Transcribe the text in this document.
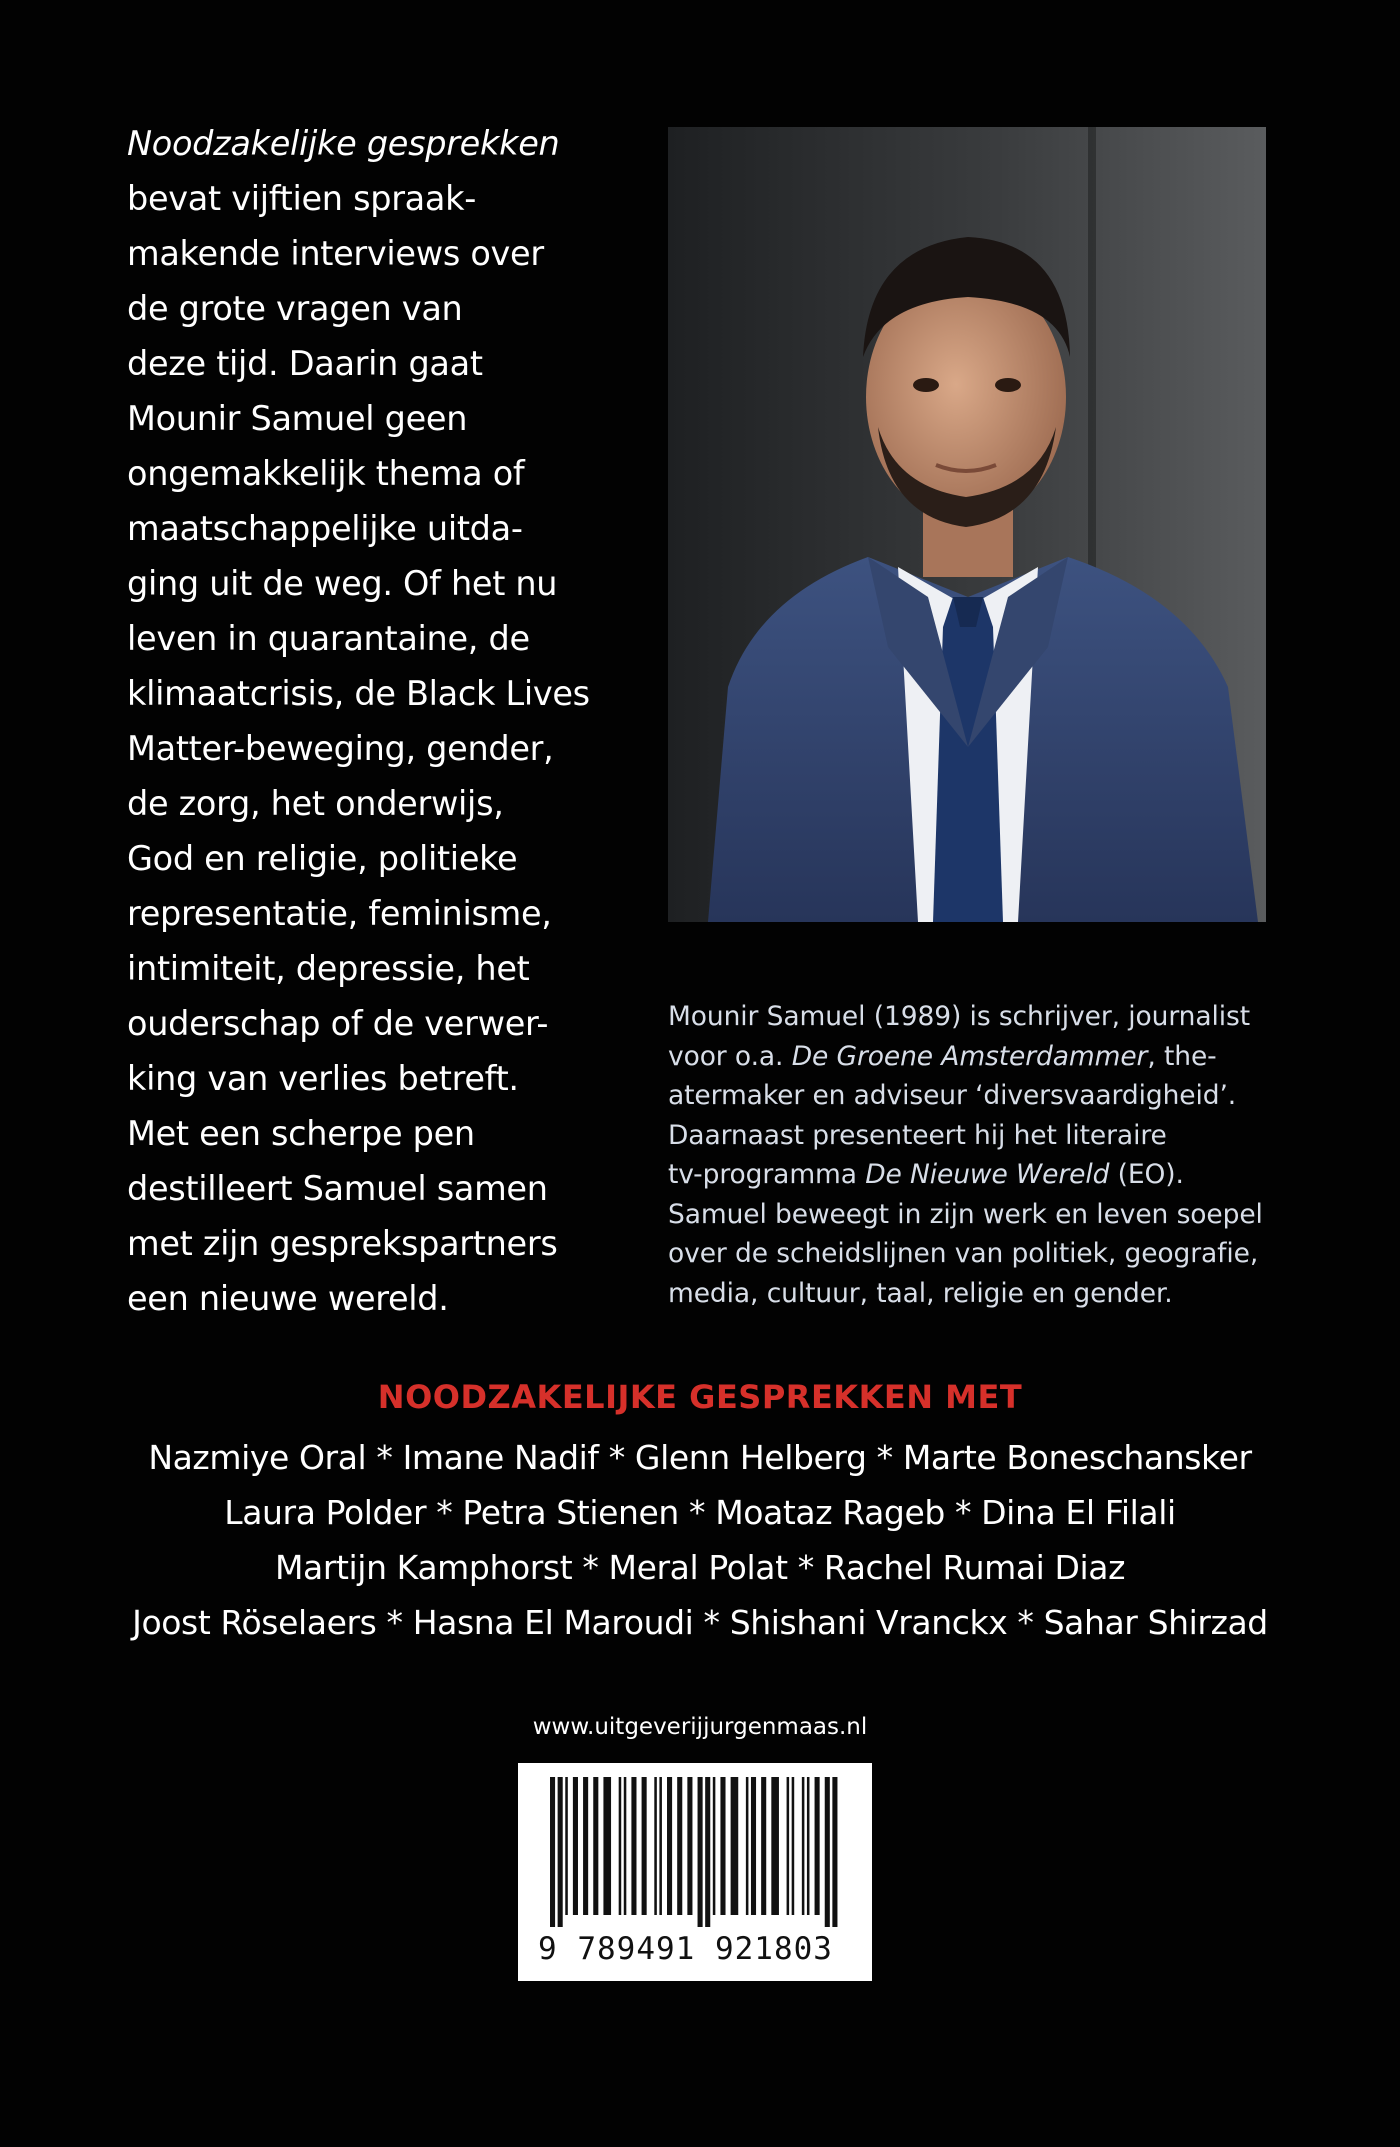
Noodzakelijke gesprekken
bevat vijftien spraak-
makende interviews over
de grote vragen van
deze tijd. Daarin gaat
Mounir Samuel geen
ongemakkelijk thema of
maatschappelijke uitda-
ging uit de weg. Of het nu
leven in quarantaine, de
klimaatcrisis, de Black Lives
Matter-beweging, gender,
de zorg, het onderwijs,
God en religie, politieke
representatie, feminisme,
intimiteit, depressie, het
ouderschap of de verwer-
king van verlies betreft.
Met een scherpe pen
destilleert Samuel samen
met zijn gesprekspartners
een nieuwe wereld.
Mounir Samuel (1989) is schrijver, journalist
voor o.a. De Groene Amsterdammer, the-
atermaker en adviseur ‘diversvaardigheid’.
Daarnaast presenteert hij het literaire
tv-programma De Nieuwe Wereld (EO).
Samuel beweegt in zijn werk en leven soepel
over de scheidslijnen van politiek, geografie,
media, cultuur, taal, religie en gender.
NOODZAKELIJKE GESPREKKEN MET
Nazmiye Oral * Imane Nadif * Glenn Helberg * Marte Boneschansker
Laura Polder * Petra Stienen * Moataz Rageb * Dina El Filali
Martijn Kamphorst * Meral Polat * Rachel Rumai Diaz
Joost Röselaers * Hasna El Maroudi * Shishani Vranckx * Sahar Shirzad
www.uitgeverijjurgenmaas.nl
9 789491 921803
